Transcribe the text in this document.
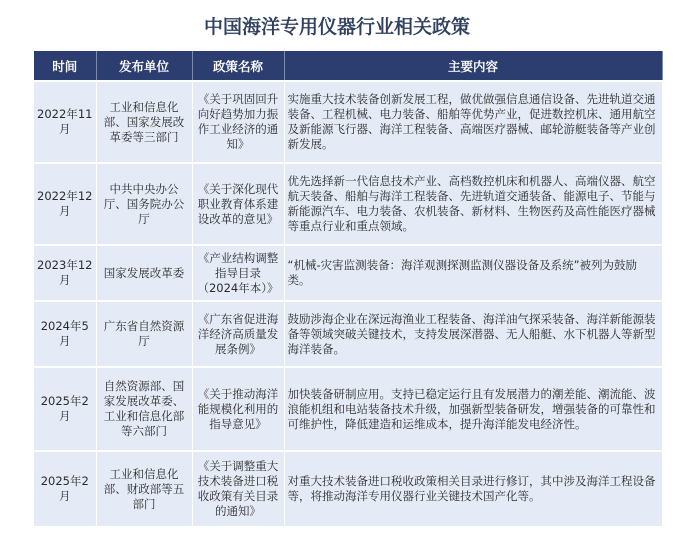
中国海洋专用仪器行业相关政策
时间	发布单位	政策名称	主要内容
2022年11月	工业和信息化部、国家发展改革委等三部门	《关于巩固回升向好趋势加力振作工业经济的通知》	实施重大技术装备创新发展工程，做优做强信息通信设备、先进轨道交通装备、工程机械、电力装备、船舶等优势产业，促进数控机床、通用航空及新能源飞行器、海洋工程装备、高端医疗器械、邮轮游艇装备等产业创新发展。
2022年12月	中共中央办公厅、国务院办公厅	《关于深化现代职业教育体系建设改革的意见》	优先选择新一代信息技术产业、高档数控机床和机器人、高端仪器、航空航天装备、船舶与海洋工程装备、先进轨道交通装备、能源电子、节能与新能源汽车、电力装备、农机装备、新材料、生物医药及高性能医疗器械等重点行业和重点领域。
2023年12月	国家发展改革委	《产业结构调整指导目录（2024年本）》	“机械-灾害监测装备：海洋观测探测监测仪器设备及系统”被列为鼓励类。
2024年5月	广东省自然资源厅	《广东省促进海洋经济高质量发展条例》	鼓励涉海企业在深远海渔业工程装备、海洋油气探采装备、海洋新能源装备等领域突破关键技术，支持发展深潜器、无人船艇、水下机器人等新型海洋装备。
2025年2月	自然资源部、国家发展改革委、工业和信息化部等六部门	《关于推动海洋能规模化利用的指导意见》	加快装备研制应用。支持已稳定运行且有发展潜力的潮差能、潮流能、波浪能机组和电站装备技术升级，加强新型装备研发，增强装备的可靠性和可维护性，降低建造和运维成本，提升海洋能发电经济性。
2025年2月	工业和信息化部、财政部等五部门	《关于调整重大技术装备进口税收政策有关目录的通知》	对重大技术装备进口税收政策相关目录进行修订，其中涉及海洋工程设备等，将推动海洋专用仪器行业关键技术国产化等。
